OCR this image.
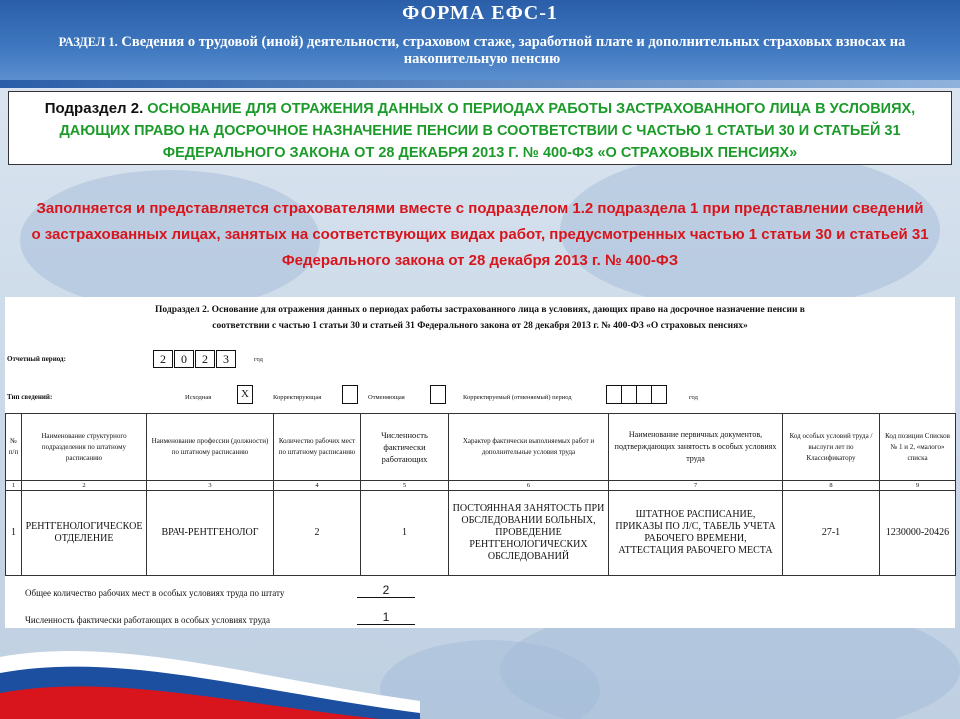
ФОРМА ЕФС-1
РАЗДЕЛ 1. Сведения о трудовой (иной) деятельности, страховом стаже, заработной плате и дополнительных страховых взносах на накопительную пенсию
Подраздел 2. ОСНОВАНИЕ ДЛЯ ОТРАЖЕНИЯ ДАННЫХ О ПЕРИОДАХ РАБОТЫ ЗАСТРАХОВАННОГО ЛИЦА В УСЛОВИЯХ, ДАЮЩИХ ПРАВО НА ДОСРОЧНОЕ НАЗНАЧЕНИЕ ПЕНСИИ В СООТВЕТСТВИИ С ЧАСТЬЮ 1 СТАТЬИ 30 И СТАТЬЕЙ 31 ФЕДЕРАЛЬНОГО ЗАКОНА ОТ 28 ДЕКАБРЯ 2013 Г. № 400-ФЗ «О СТРАХОВЫХ ПЕНСИЯХ»
Заполняется и представляется страхователями вместе с подразделом 1.2 подраздела 1 при представлении сведений о застрахованных лицах, занятых на соответствующих видах работ, предусмотренных частью 1 статьи 30 и статьей 31 Федерального закона от 28 декабря 2013 г. № 400-ФЗ
Подраздел 2. Основание для отражения данных о периодах работы застрахованного лица в условиях, дающих право на досрочное назначение пенсии в
соответствии с частью 1 статьи 30 и статьей 31 Федерального закона от 28 декабря 2013 г. № 400-ФЗ «О страховых пенсиях»
Отчетный период:	2	0	2	3	год
Тип сведений:	Исходная	X	Корректирующая	Отменяющая	Корректируемый (отменяемый) период	год
№ п/п	Наименование структурного подразделения по штатному расписанию	Наименование профессии (должности) по штатному расписанию	Количество рабочих мест по штатному расписанию	Численность фактически работающих	Характер фактически выполняемых работ и дополнительные условия труда	Наименование первичных документов, подтверждающих занятость в особых условиях труда	Код особых условий труда / выслуги лет по Классификатору	Код позиции Списков № 1 и 2, «малого» списка
1	2	3	4	5	6	7	8	9
1	РЕНТГЕНОЛОГИЧЕСКОЕ ОТДЕЛЕНИЕ	ВРАЧ-РЕНТГЕНОЛОГ	2	1	ПОСТОЯННАЯ ЗАНЯТОСТЬ ПРИ ОБСЛЕДОВАНИИ БОЛЬНЫХ, ПРОВЕДЕНИЕ РЕНТГЕНОЛОГИЧЕСКИХ ОБСЛЕДОВАНИЙ	ШТАТНОЕ РАСПИСАНИЕ, ПРИКАЗЫ ПО Л/С, ТАБЕЛЬ УЧЕТА РАБОЧЕГО ВРЕМЕНИ, АТТЕСТАЦИЯ РАБОЧЕГО МЕСТА	27-1	1230000-20426
Общее количество рабочих мест в особых условиях труда по штату	2
Численность фактически работающих в особых условиях труда	1
